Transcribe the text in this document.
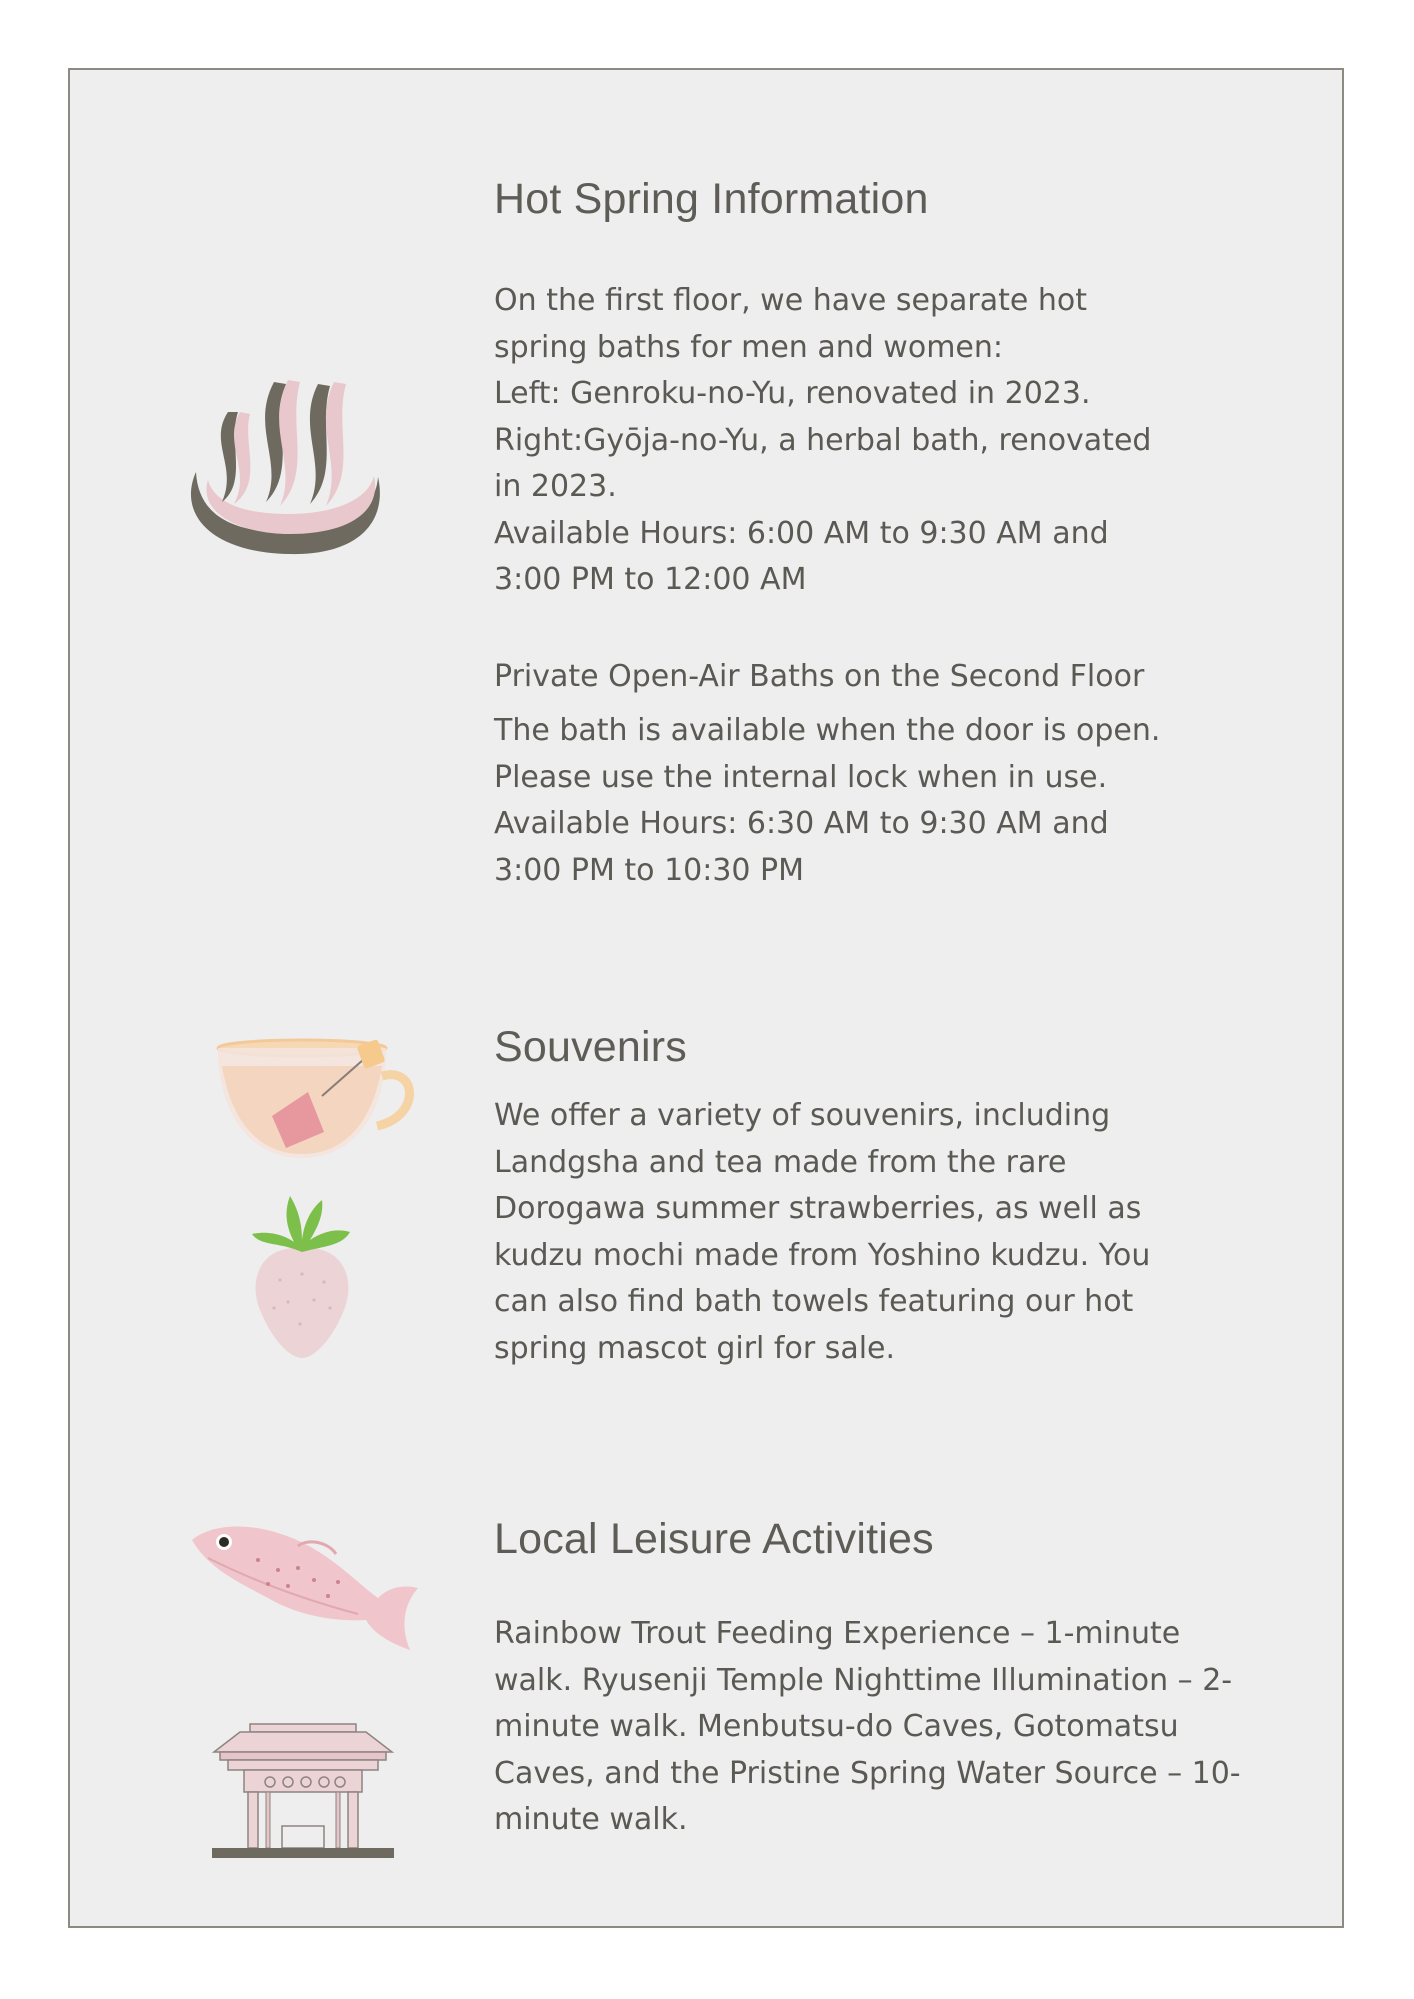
Hot Spring Information
On the first floor, we have separate hot
spring baths for men and women:
Left: Genroku-no-Yu, renovated in 2023.
Right:Gyōja-no-Yu, a herbal bath, renovated
in 2023.
Available Hours: 6:00 AM to 9:30 AM and
3:00 PM to 12:00 AM
Private Open-Air Baths on the Second Floor
The bath is available when the door is open.
Please use the internal lock when in use.
Available Hours: 6:30 AM to 9:30 AM and
3:00 PM to 10:30 PM
Souvenirs
We offer a variety of souvenirs, including
Landgsha and tea made from the rare
Dorogawa summer strawberries, as well as
kudzu mochi made from Yoshino kudzu. You
can also find bath towels featuring our hot
spring mascot girl for sale.
Local Leisure Activities
Rainbow Trout Feeding Experience – 1-minute
walk. Ryusenji Temple Nighttime Illumination – 2-
minute walk. Menbutsu-do Caves, Gotomatsu
Caves, and the Pristine Spring Water Source – 10-
minute walk.
